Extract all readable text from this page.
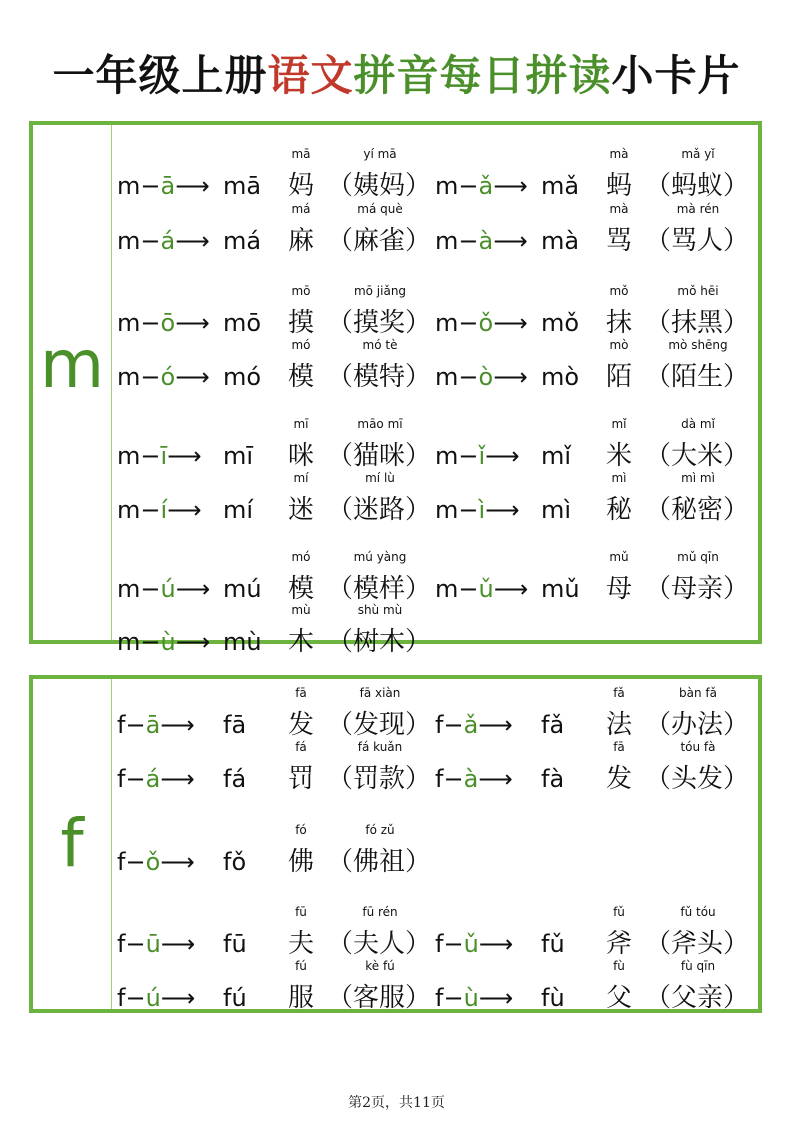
一年级上册语文拼音每日拼读小卡片
m
m−ā⟶ mā
mā
妈
yí mā
（姨妈） m−ǎ⟶ mǎ
mà
蚂
mǎ yǐ
（蚂蚁）
m−á⟶ má
má
麻
má què
（麻雀） m−à⟶ mà
mà
骂
mà rén
（骂人）
m−ō⟶ mō
mō
摸
mō jiǎng
（摸奖） m−ǒ⟶ mǒ
mǒ
抹
mǒ hēi
（抹黑）
m−ó⟶ mó
mó
模
mó tè
（模特） m−ò⟶ mò
mò
陌
mò shēng
（陌生）
m−ī⟶ mī
mī
咪
māo mī
（猫咪） m−ǐ⟶ mǐ
mǐ
米
dà mǐ
（大米）
m−í⟶ mí
mí
迷
mí lù
（迷路） m−ì⟶ mì
mì
秘
mì mì
（秘密）
m−ú⟶ mú
mó
模
mú yàng
（模样） m−ǔ⟶ mǔ
mǔ
母
mǔ qīn
（母亲）
m−ù⟶ mù
mù
木
shù mù
（树木）
f
f−ā⟶ fā
fā
发
fā xiàn
（发现） f−ǎ⟶ fǎ
fǎ
法
bàn fǎ
（办法）
f−á⟶ fá
fá
罚
fá kuǎn
（罚款） f−à⟶ fà
fā
发
tóu fà
（头发）
f−ǒ⟶ fǒ
fó
佛
fó zǔ
（佛祖）
f−ū⟶ fū
fū
夫
fū rén
（夫人） f−ǔ⟶ fǔ
fǔ
斧
fǔ tóu
（斧头）
f−ú⟶ fú
fú
服
kè fú
（客服） f−ù⟶ fù
fù
父
fù qīn
（父亲）
第2页，共11页
